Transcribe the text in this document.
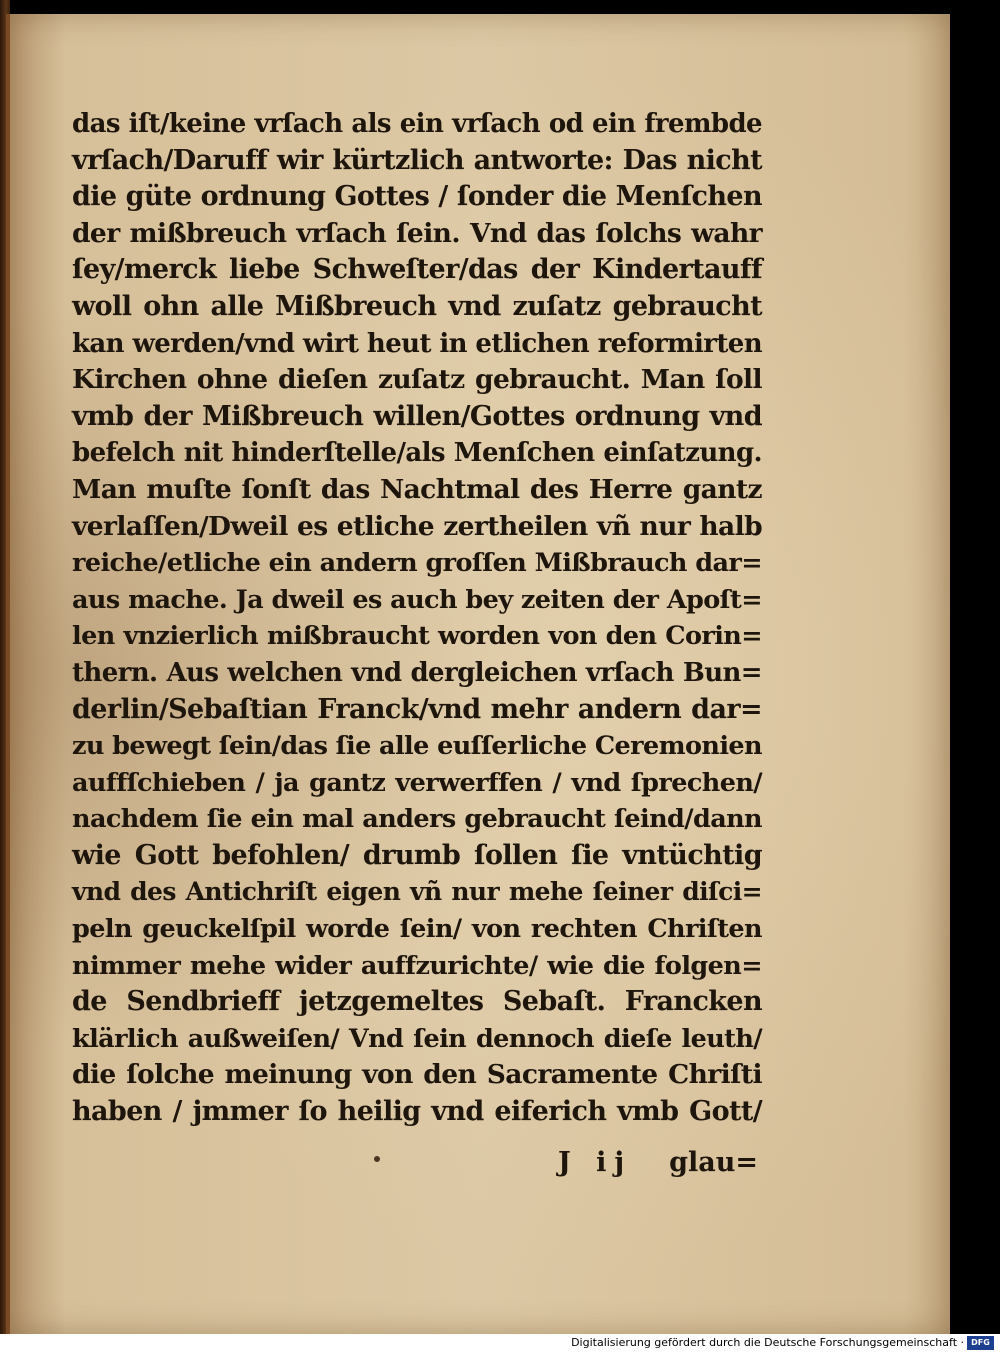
das iſt/keine vrſach als ein vrſach od ein frembde
vrſach/Daruff wir kürtzlich antworte: Das nicht
die güte ordnung Gottes / ſonder die Menſchen
der mißbreuch vrſach ſein. Vnd das ſolchs wahr
ſey/merck liebe Schweſter/das der Kindertauff
woll ohn alle Mißbreuch vnd zuſatz gebraucht
kan werden/vnd wirt heut in etlichen reformirten
Kirchen ohne dieſen zuſatz gebraucht. Man ſoll
vmb der Mißbreuch willen/Gottes ordnung vnd
befelch nit hinderſtelle/als Menſchen einſatzung.
Man muſte ſonſt das Nachtmal des Herre gantz
verlaſſen/Dweil es etliche zertheilen vñ nur halb
reiche/etliche ein andern groſſen Mißbrauch dar=
aus mache. Ja dweil es auch bey zeiten der Apoſt=
len vnzierlich mißbraucht worden von den Corin=
thern. Aus welchen vnd dergleichen vrſach Bun=
derlin/Sebaſtian Franck/vnd mehr andern dar=
zu bewegt ſein/das ſie alle euſſerliche Ceremonien
auffſchieben / ja gantz verwerffen / vnd ſprechen/
nachdem ſie ein mal anders gebraucht ſeind/dann
wie Gott befohlen/ drumb ſollen ſie vntüchtig
vnd des Antichriſt eigen vñ nur mehe ſeiner diſci=
peln geuckelſpil worde ſein/ von rechten Chriſten
nimmer mehe wider auffzurichte/ wie die folgen=
de Sendbrieff jetzgemeltes Sebaſt. Francken
klärlich außweiſen/ Vnd ſein dennoch dieſe leuth/
die ſolche meinung von den Sacramente Chriſti
haben / jmmer ſo heilig vnd eiferich vmb Gott/
J ij glau=
Digitalisierung gefördert durch die Deutsche Forschungsgemeinschaft · DFG
